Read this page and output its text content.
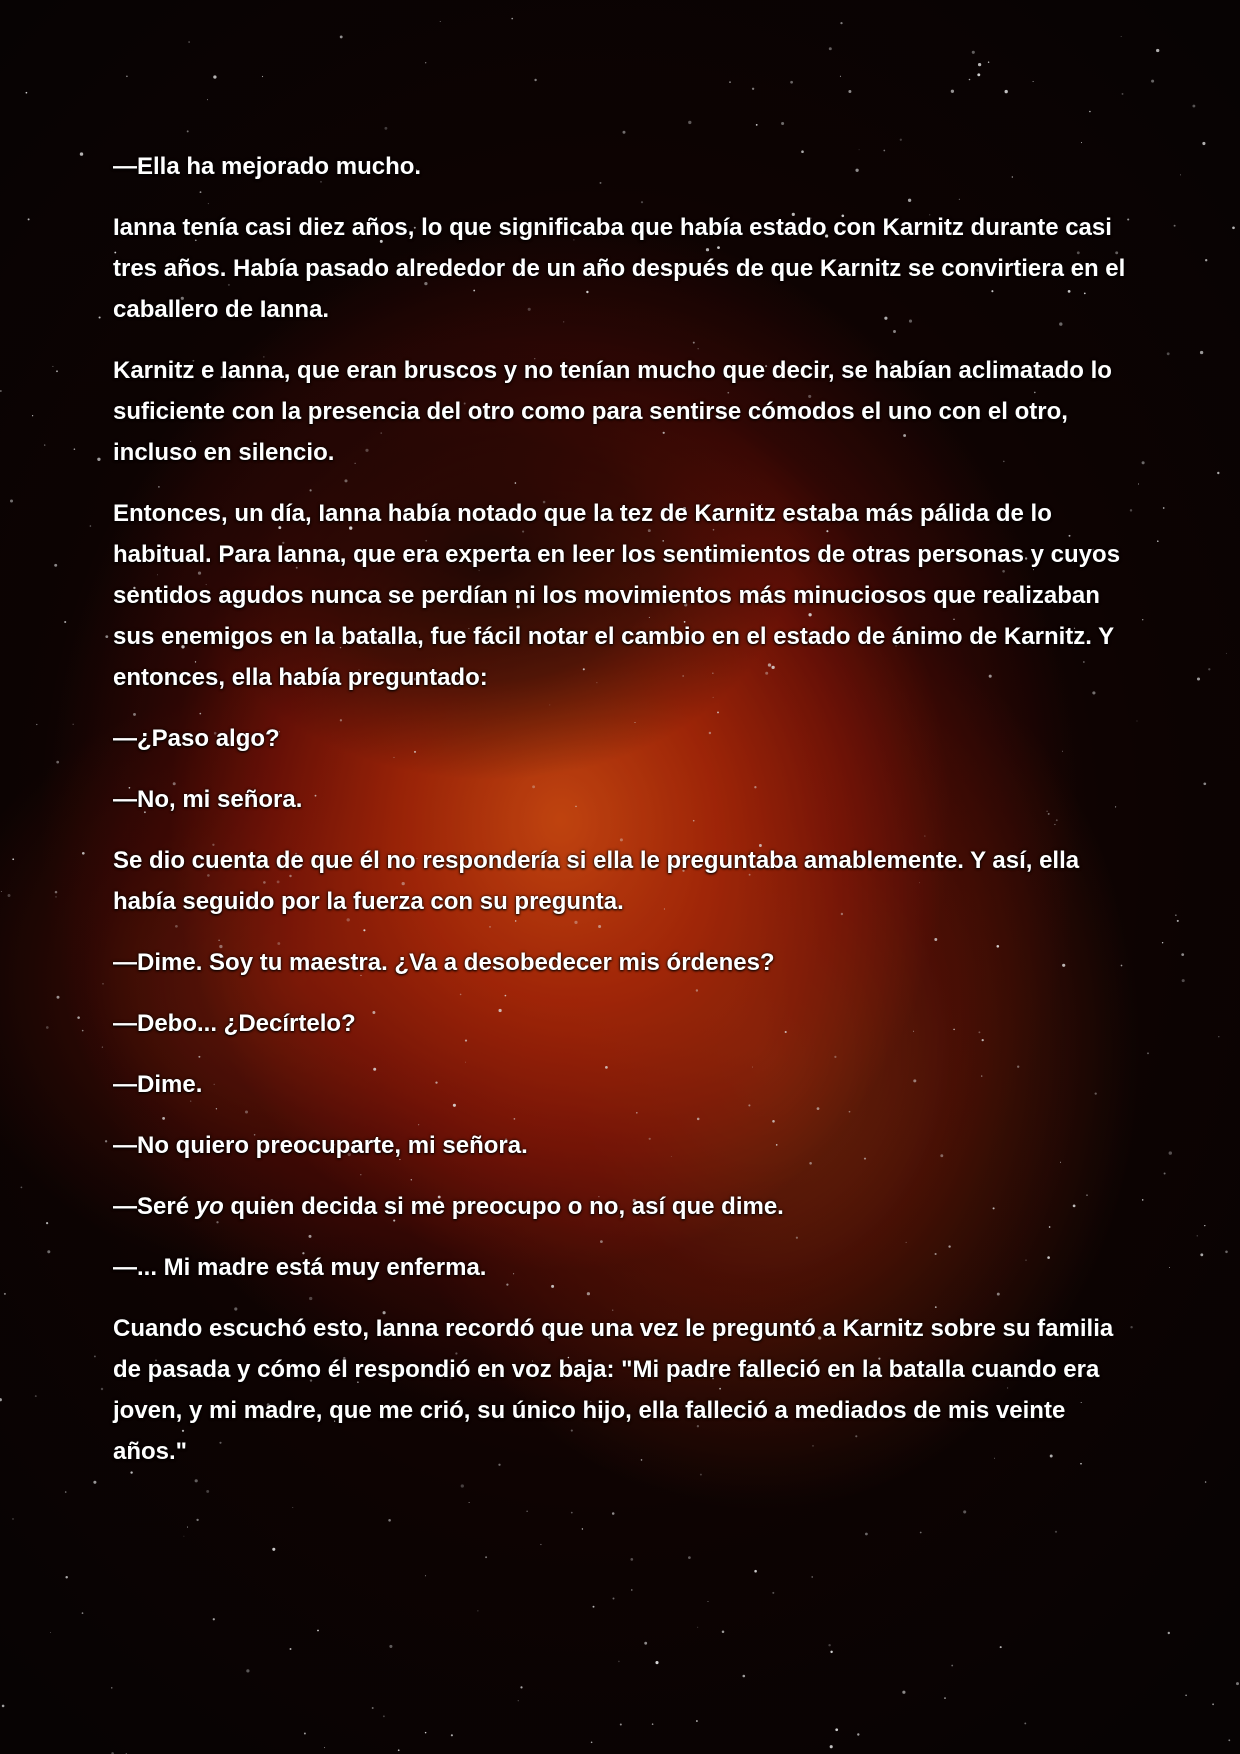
—Ella ha mejorado mucho.

Ianna tenía casi diez años, lo que significaba que había estado con Karnitz durante casi tres años. Había pasado alrededor de un año después de que Karnitz se convirtiera en el caballero de Ianna.

Karnitz e Ianna, que eran bruscos y no tenían mucho que decir, se habían aclimatado lo suficiente con la presencia del otro como para sentirse cómodos el uno con el otro, incluso en silencio.

Entonces, un día, Ianna había notado que la tez de Karnitz estaba más pálida de lo habitual. Para Ianna, que era experta en leer los sentimientos de otras personas y cuyos sentidos agudos nunca se perdían ni los movimientos más minuciosos que realizaban sus enemigos en la batalla, fue fácil notar el cambio en el estado de ánimo de Karnitz. Y entonces, ella había preguntado:

—¿Paso algo?

—No, mi señora.

Se dio cuenta de que él no respondería si ella le preguntaba amablemente. Y así, ella había seguido por la fuerza con su pregunta.

—Dime. Soy tu maestra. ¿Va a desobedecer mis órdenes?

—Debo... ¿Decírtelo?

—Dime.

—No quiero preocuparte, mi señora.

—Seré yo quien decida si me preocupo o no, así que dime.

—... Mi madre está muy enferma.

Cuando escuchó esto, Ianna recordó que una vez le preguntó a Karnitz sobre su familia de pasada y cómo él respondió en voz baja: "Mi padre falleció en la batalla cuando era joven, y mi madre, que me crió, su único hijo, ella falleció a mediados de mis veinte años."
